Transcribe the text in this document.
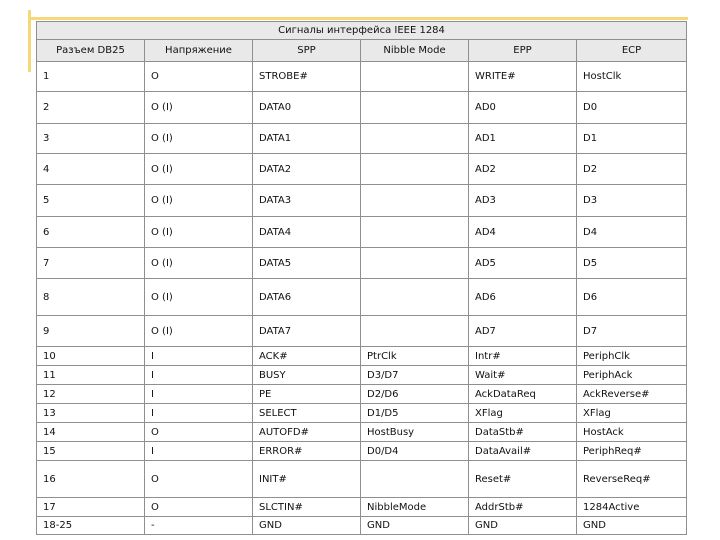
Сигналы интерфейса IEEE 1284					
Разъем DB25	Напряжение	SPP	Nibble Mode	EPP	ECP
1	O	STROBE#		WRITE#	HostClk
2	O (I)	DATA0		AD0	D0
3	O (I)	DATA1		AD1	D1
4	O (I)	DATA2		AD2	D2
5	O (I)	DATA3		AD3	D3
6	O (I)	DATA4		AD4	D4
7	O (I)	DATA5		AD5	D5
8	O (I)	DATA6		AD6	D6
9	O (I)	DATA7		AD7	D7
10	I	ACK#	PtrClk	Intr#	PeriphClk
11	I	BUSY	D3/D7	Wait#	PeriphAck
12	I	PE	D2/D6	AckDataReq	AckReverse#
13	I	SELECT	D1/D5	XFlag	XFlag
14	O	AUTOFD#	HostBusy	DataStb#	HostAck
15	I	ERROR#	D0/D4	DataAvail#	PeriphReq#
16	O	INIT#		Reset#	ReverseReq#
17	O	SLCTIN#	NibbleMode	AddrStb#	1284Active
18-25	-	GND	GND	GND	GND
